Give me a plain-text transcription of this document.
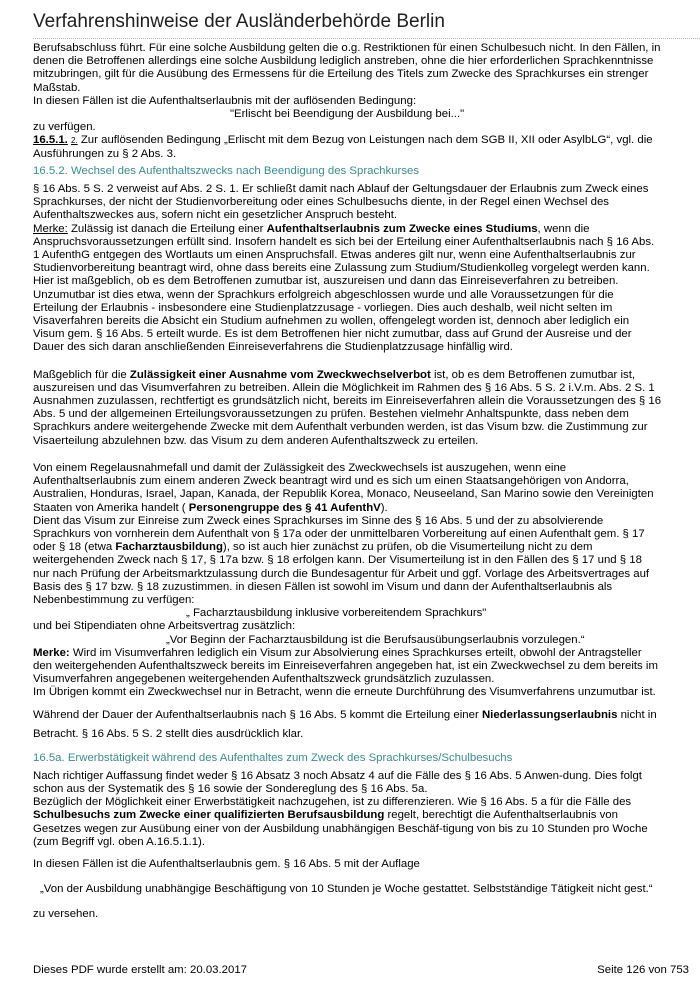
Verfahrenshinweise der Ausländerbehörde Berlin

Berufsabschluss führt. Für eine solche Ausbildung gelten die o.g. Restriktionen für einen Schulbesuch nicht. In den Fällen, in

denen die Betroffenen allerdings eine solche Ausbildung lediglich anstreben, ohne die hier erforderlichen Sprachkenntnisse

mitzubringen, gilt für die Ausübung des Ermessens für die Erteilung des Titels zum Zwecke des Sprachkurses ein strenger

Maßstab.

In diesen Fällen ist die Aufenthaltserlaubnis mit der auflösenden Bedingung:

"Erlischt bei Beendigung der Ausbildung bei..."

zu verfügen.

16.5.1. 2. Zur auflösenden Bedingung „Erlischt mit dem Bezug von Leistungen nach dem SGB II, XII oder AsylbLG“, vgl. die

Ausführungen zu § 2 Abs. 3.

16.5.2. Wechsel des Aufenthaltszwecks nach Beendigung des Sprachkurses

§ 16 Abs. 5 S. 2 verweist auf Abs. 2 S. 1. Er schließt damit nach Ablauf der Geltungsdauer der Erlaubnis zum Zweck eines

Sprachkurses, der nicht der Studienvorbereitung oder eines Schulbesuchs diente, in der Regel einen Wechsel des

Aufenthaltszweckes aus, sofern nicht ein gesetzlicher Anspruch besteht.

Merke: Zulässig ist danach die Erteilung einer Aufenthaltserlaubnis zum Zwecke eines Studiums, wenn die

Anspruchsvoraussetzungen erfüllt sind. Insofern handelt es sich bei der Erteilung einer Aufenthaltserlaubnis nach § 16 Abs.

1 AufenthG entgegen des Wortlauts um einen Anspruchsfall. Etwas anderes gilt nur, wenn eine Aufenthaltserlaubnis zur

Studienvorbereitung beantragt wird, ohne dass bereits eine Zulassung zum Studium/Studienkolleg vorgelegt werden kann.

Hier ist maßgeblich, ob es dem Betroffenen zumutbar ist, auszureisen und dann das Einreiseverfahren zu betreiben.

Unzumutbar ist dies etwa, wenn der Sprachkurs erfolgreich abgeschlossen wurde und alle Voraussetzungen für die

Erteilung der Erlaubnis - insbesondere eine Studienplatzzusage - vorliegen. Dies auch deshalb, weil nicht selten im

Visaverfahren bereits die Absicht ein Studium aufnehmen zu wollen, offengelegt worden ist, dennoch aber lediglich ein

Visum gem. § 16 Abs. 5 erteilt wurde. Es ist dem Betroffenen hier nicht zumutbar, dass auf Grund der Ausreise und der

Dauer des sich daran anschließenden Einreiseverfahrens die Studienplatzzusage hinfällig wird.

Maßgeblich für die Zulässigkeit einer Ausnahme vom Zweckwechselverbot ist, ob es dem Betroffenen zumutbar ist,

auszureisen und das Visumverfahren zu betreiben. Allein die Möglichkeit im Rahmen des § 16 Abs. 5 S. 2 i.V.m. Abs. 2 S. 1

Ausnahmen zuzulassen, rechtfertigt es grundsätzlich nicht, bereits im Einreiseverfahren allein die Voraussetzungen des § 16

Abs. 5 und der allgemeinen Erteilungsvoraussetzungen zu prüfen. Bestehen vielmehr Anhaltspunkte, dass neben dem

Sprachkurs andere weitergehende Zwecke mit dem Aufenthalt verbunden werden, ist das Visum bzw. die Zustimmung zur

Visaerteilung abzulehnen bzw. das Visum zu dem anderen Aufenthaltszweck zu erteilen.

Von einem Regelausnahmefall und damit der Zulässigkeit des Zweckwechsels ist auszugehen, wenn eine

Aufenthaltserlaubnis zum einem anderen Zweck beantragt wird und es sich um einen Staatsangehörigen von Andorra,

Australien, Honduras, Israel, Japan, Kanada, der Republik Korea, Monaco, Neuseeland, San Marino sowie den Vereinigten

Staaten von Amerika handelt ( Personengruppe des § 41 AufenthV).

Dient das Visum zur Einreise zum Zweck eines Sprachkurses im Sinne des § 16 Abs. 5 und der zu absolvierende

Sprachkurs von vornherein dem Aufenthalt von § 17a oder der unmittelbaren Vorbereitung auf einen Aufenthalt gem. § 17

oder § 18 (etwa Facharztausbildung), so ist auch hier zunächst zu prüfen, ob die Visumerteilung nicht zu dem

weitergehenden Zweck nach § 17, § 17a bzw. § 18 erfolgen kann. Der Visumerteilung ist in den Fällen des § 17 und § 18

nur nach Prüfung der Arbeitsmarktzulassung durch die Bundesagentur für Arbeit und ggf. Vorlage des Arbeitsvertrages auf

Basis des § 17 bzw. § 18 zuzustimmen. in diesen Fällen ist sowohl im Visum und dann der Aufenthaltserlaubnis als

Nebenbestimmung zu verfügen:

„ Facharztausbildung inklusive vorbereitendem Sprachkurs"

und bei Stipendiaten ohne Arbeitsvertrag zusätzlich:

„Vor Beginn der Facharztausbildung ist die Berufsausübungserlaubnis vorzulegen.“

Merke: Wird im Visumverfahren lediglich ein Visum zur Absolvierung eines Sprachkurses erteilt, obwohl der Antragsteller

den weitergehenden Aufenthaltszweck bereits im Einreiseverfahren angegeben hat, ist ein Zweckwechsel zu dem bereits im

Visumverfahren angegebenen weitergehenden Aufenthaltszweck grundsätzlich zuzulassen.

Im Übrigen kommt ein Zweckwechsel nur in Betracht, wenn die erneute Durchführung des Visumverfahrens unzumutbar ist.

Während der Dauer der Aufenthaltserlaubnis nach § 16 Abs. 5 kommt die Erteilung einer Niederlassungserlaubnis nicht in

Betracht. § 16 Abs. 5 S. 2 stellt dies ausdrücklich klar.

16.5a. Erwerbstätigkeit während des Aufenthaltes zum Zweck des Sprachkurses/Schulbesuchs

Nach richtiger Auffassung findet weder § 16 Absatz 3 noch Absatz 4 auf die Fälle des § 16 Abs. 5 Anwen-dung. Dies folgt

schon aus der Systematik des § 16 sowie der Sondereglung des § 16 Abs. 5a.

Bezüglich der Möglichkeit einer Erwerbstätigkeit nachzugehen, ist zu differenzieren. Wie § 16 Abs. 5 a für die Fälle des

Schulbesuchs zum Zwecke einer qualifizierten Berufsausbildung regelt, berechtigt die Aufenthaltserlaubnis von

Gesetzes wegen zur Ausübung einer von der Ausbildung unabhängigen Beschäf-tigung von bis zu 10 Stunden pro Woche

(zum Begriff vgl. oben A.16.5.1.1).

In diesen Fällen ist die Aufenthaltserlaubnis gem. § 16 Abs. 5 mit der Auflage

„Von der Ausbildung unabhängige Beschäftigung von 10 Stunden je Woche gestattet. Selbstständige Tätigkeit nicht gest.“

zu versehen.

Dieses PDF wurde erstellt am: 20.03.2017	Seite 126 von 753
